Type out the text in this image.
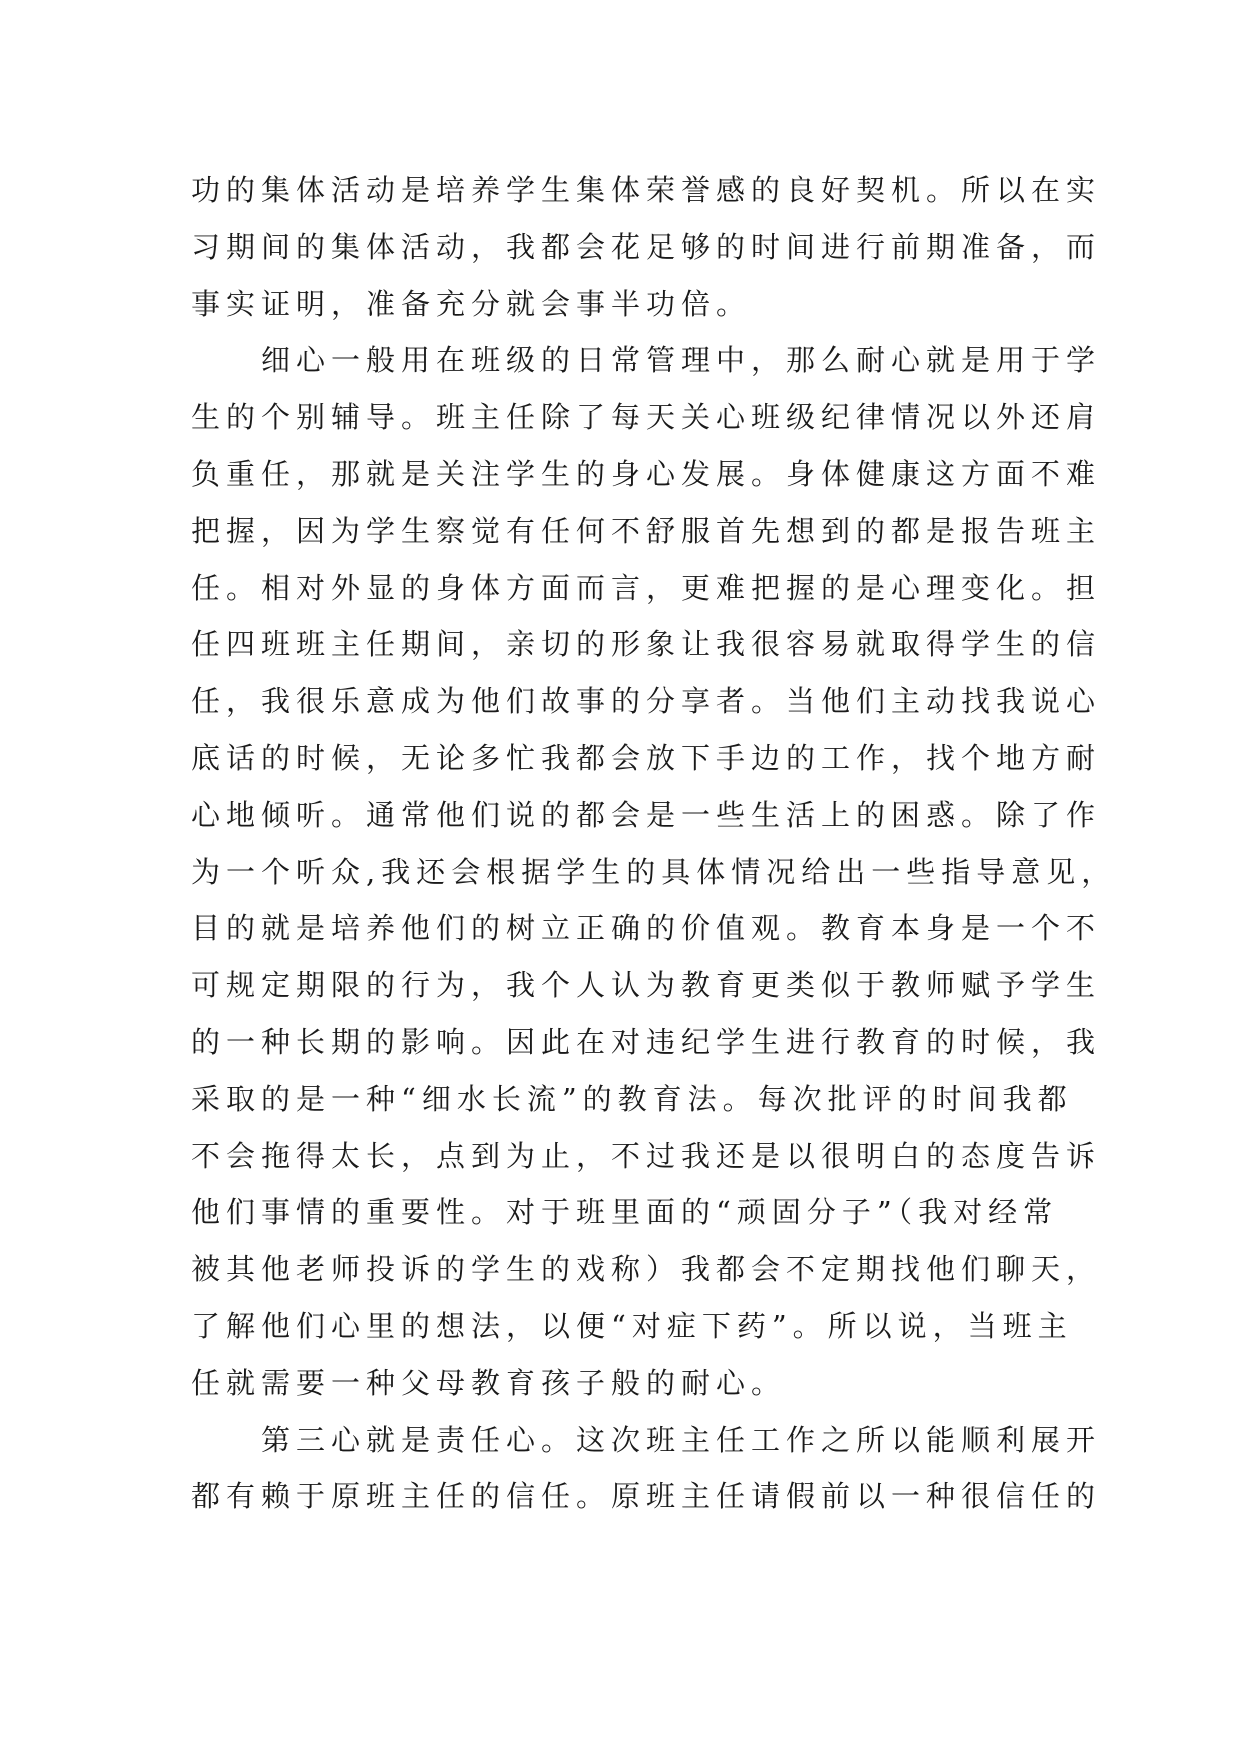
功的集体活动是培养学生集体荣誉感的良好契机。所以在实
习期间的集体活动，我都会花足够的时间进行前期准备，而
事实证明，准备充分就会事半功倍。

　　细心一般用在班级的日常管理中，那么耐心就是用于学
生的个别辅导。班主任除了每天关心班级纪律情况以外还肩
负重任，那就是关注学生的身心发展。身体健康这方面不难
把握，因为学生察觉有任何不舒服首先想到的都是报告班主
任。相对外显的身体方面而言，更难把握的是心理变化。担
任四班班主任期间，亲切的形象让我很容易就取得学生的信
任，我很乐意成为他们故事的分享者。当他们主动找我说心
底话的时候，无论多忙我都会放下手边的工作，找个地方耐
心地倾听。通常他们说的都会是一些生活上的困惑。除了作
为一个听众,我还会根据学生的具体情况给出一些指导意见，
目的就是培养他们的树立正确的价值观。教育本身是一个不
可规定期限的行为，我个人认为教育更类似于教师赋予学生
的一种长期的影响。因此在对违纪学生进行教育的时候，我
采取的是一种“细水长流”的教育法。每次批评的时间我都
不会拖得太长，点到为止，不过我还是以很明白的态度告诉
他们事情的重要性。对于班里面的“顽固分子”（我对经常
被其他老师投诉的学生的戏称）我都会不定期找他们聊天，
了解他们心里的想法，以便“对症下药”。所以说，当班主
任就需要一种父母教育孩子般的耐心。

　　第三心就是责任心。这次班主任工作之所以能顺利展开
都有赖于原班主任的信任。原班主任请假前以一种很信任的
